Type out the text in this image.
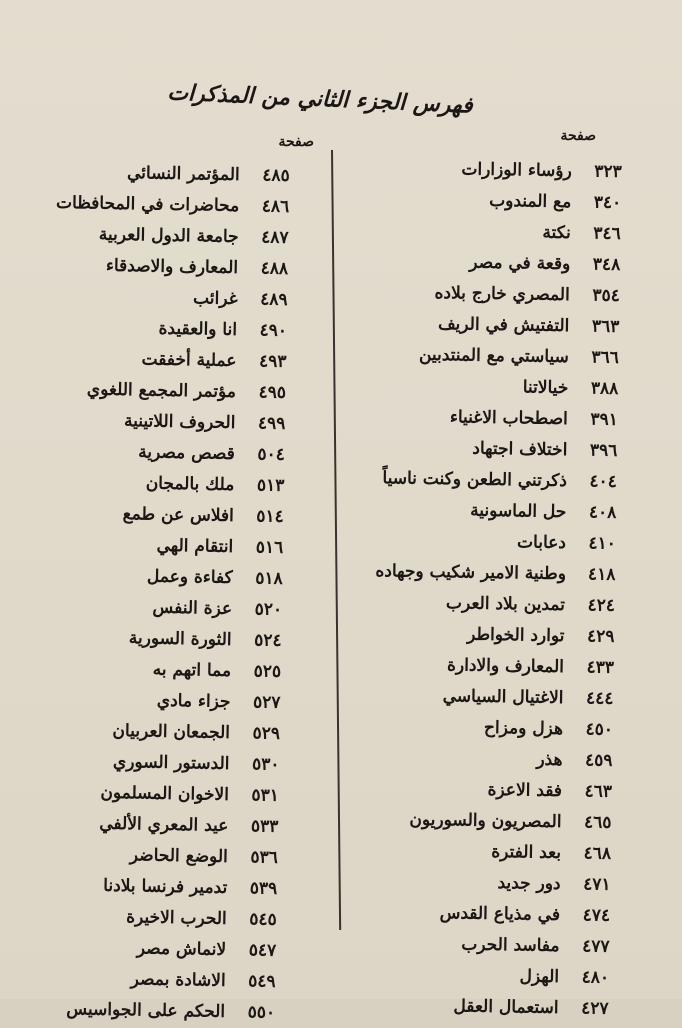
فهرس الجزء الثاني من المذكرات
صفحة
صفحة
٣٢٣
رؤساء الوزارات
٣٤٠
مع المندوب
٣٤٦
نكتة
٣٤٨
وقعة في مصر
٣٥٤
المصري خارج بلاده
٣٦٣
التفتيش في الريف
٣٦٦
سياستي مع المنتدبين
٣٨٨
خيالاتنا
٣٩١
اصطحاب الاغنياء
٣٩٦
اختلاف اجتهاد
٤٠٤
ذكرتني الطعن وكنت ناسياً
٤٠٨
حل الماسونية
٤١٠
دعابات
٤١٨
وطنية الامير شكيب وجهاده
٤٢٤
تمدين بلاد العرب
٤٢٩
توارد الخواطر
٤٣٣
المعارف والادارة
٤٤٤
الاغتيال السياسي
٤٥٠
هزل ومزاح
٤٥٩
هذر
٤٦٣
فقد الاعزة
٤٦٥
المصريون والسوريون
٤٦٨
بعد الفترة
٤٧١
دور جديد
٤٧٤
في مذياع القدس
٤٧٧
مفاسد الحرب
٤٨٠
الهزل
٤٢٧
استعمال العقل
٤٨٥
المؤتمر النسائي
٤٨٦
محاضرات في المحافظات
٤٨٧
جامعة الدول العربية
٤٨٨
المعارف والاصدقاء
٤٨٩
غرائب
٤٩٠
انا والعقيدة
٤٩٣
عملية أخفقت
٤٩٥
مؤتمر المجمع اللغوي
٤٩٩
الحروف اللاتينية
٥٠٤
قصص مصرية
٥١٣
ملك بالمجان
٥١٤
افلاس عن طمع
٥١٦
انتقام الهي
٥١٨
كفاءة وعمل
٥٢٠
عزة النفس
٥٢٤
الثورة السورية
٥٢٥
مما اتهم به
٥٢٧
جزاء مادي
٥٢٩
الجمعان العربيان
٥٣٠
الدستور السوري
٥٣١
الاخوان المسلمون
٥٣٣
عيد المعري الألفي
٥٣٦
الوضع الحاضر
٥٣٩
تدمير فرنسا بلادنا
٥٤٥
الحرب الاخيرة
٥٤٧
لانماش مصر
٥٤٩
الاشادة بمصر
٥٥٠
الحكم على الجواسيس
